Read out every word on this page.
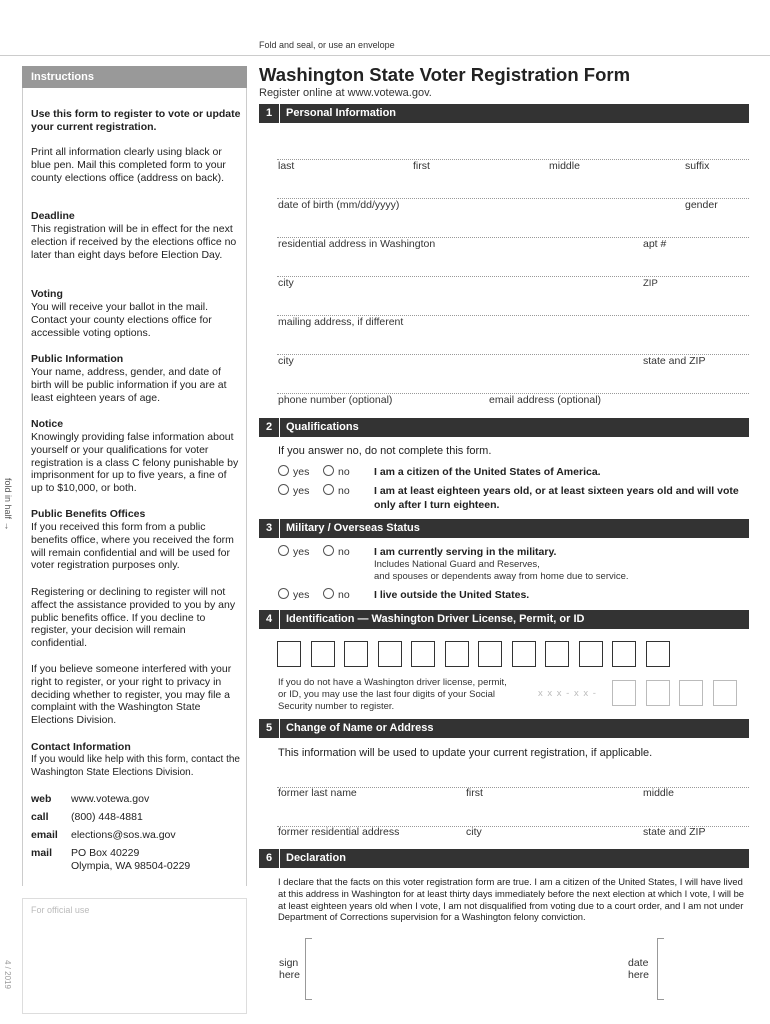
Fold and seal, or use an envelope
Instructions
Use this form to register to vote or update your current registration.
Print all information clearly using black or blue pen. Mail this completed form to your county elections office (address on back).
Deadline
This registration will be in effect for the next election if received by the elections office no later than eight days before Election Day.
Voting
You will receive your ballot in the mail. Contact your county elections office for accessible voting options.
Public Information
Your name, address, gender, and date of birth will be public information if you are at least eighteen years of age.
Notice
Knowingly providing false information about yourself or your qualifications for voter registration is a class C felony punishable by imprisonment for up to five years, a fine of up to $10,000, or both.
Public Benefits Offices
If you received this form from a public benefits office, where you received the form will remain confidential and will be used for voter registration purposes only.
Registering or declining to register will not affect the assistance provided to you by any public benefits office. If you decline to register, your decision will remain confidential.
If you believe someone interfered with your right to register, or your right to privacy in deciding whether to register, you may file a complaint with the Washington State Elections Division.
Contact Information
If you would like help with this form, contact the Washington State Elections Division.
web www.votewa.gov
call (800) 448-4881
email elections@sos.wa.gov
mail PO Box 40229
Olympia, WA 98504-0229
For official use
fold in half →
4 / 2019
Washington State Voter Registration Form
Register online at www.votewa.gov.
1 Personal Information
last	first	middle	suffix
date of birth (mm/dd/yyyy)	gender
residential address in Washington	apt #
city	ZIP
mailing address, if different
city	state and ZIP
phone number (optional)	email address (optional)
2 Qualifications
If you answer no, do not complete this form.
yes	no I am a citizen of the United States of America.
yes	no I am at least eighteen years old, or at least sixteen years old and will vote only after I turn eighteen.
3 Military / Overseas Status
yes	no I am currently serving in the military.
Includes National Guard and Reserves,
and spouses or dependents away from home due to service.
yes	no I live outside the United States.
4 Identification — Washington Driver License, Permit, or ID
If you do not have a Washington driver license, permit, or ID, you may use the last four digits of your Social Security number to register.
x x x - x x -
5 Change of Name or Address
This information will be used to update your current registration, if applicable.
former last name	first	middle
former residential address	city	state and ZIP
6 Declaration
I declare that the facts on this voter registration form are true. I am a citizen of the United States, I will have lived at this address in Washington for at least thirty days immediately before the next election at which I vote, I will be at least eighteen years old when I vote, I am not disqualified from voting due to a court order, and I am not under Department of Corrections supervision for a Washington felony conviction.
sign
here
date
here
